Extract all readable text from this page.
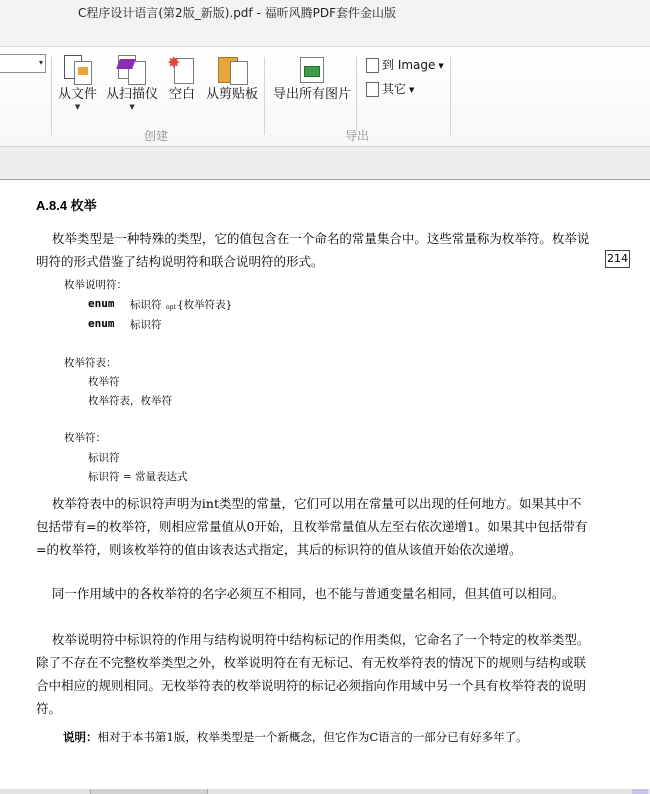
C程序设计语言(第2版_新版).pdf - 福昕风腾PDF套件金山版
▾
从文件
▼
从扫描仪
▼
✸
空白 从剪贴板
创建
导出所有图片
到 Image ▼
其它 ▼
导出
A.8.4 枚举
214
枚举类型是一种特殊的类型，它的值包含在一个命名的常量集合中。这些常量称为枚举符。枚举说明符的形式借鉴了结构说明符和联合说明符的形式。
枚举说明符：
enum 标识符 opt {枚举符表}
enum 标识符
枚举符表：
枚举符
枚举符表，枚举符
枚举符：
标识符
标识符 = 常量表达式
枚举符表中的标识符声明为int类型的常量，它们可以用在常量可以出现的任何地方。如果其中不包括带有=的枚举符，则相应常量值从0开始，且枚举常量值从左至右依次递增1。如果其中包括带有=的枚举符，则该枚举符的值由该表达式指定，其后的标识符的值从该值开始依次递增。
同一作用域中的各枚举符的名字必须互不相同，也不能与普通变量名相同，但其值可以相同。
枚举说明符中标识符的作用与结构说明符中结构标记的作用类似，它命名了一个特定的枚举类型。除了不存在不完整枚举类型之外，枚举说明符在有无标记、有无枚举符表的情况下的规则与结构或联合中相应的规则相同。无枚举符表的枚举说明符的标记必须指向作用域中另一个具有枚举符表的说明符。
说明：相对于本书第1版，枚举类型是一个新概念，但它作为C语言的一部分已有好多年了。
